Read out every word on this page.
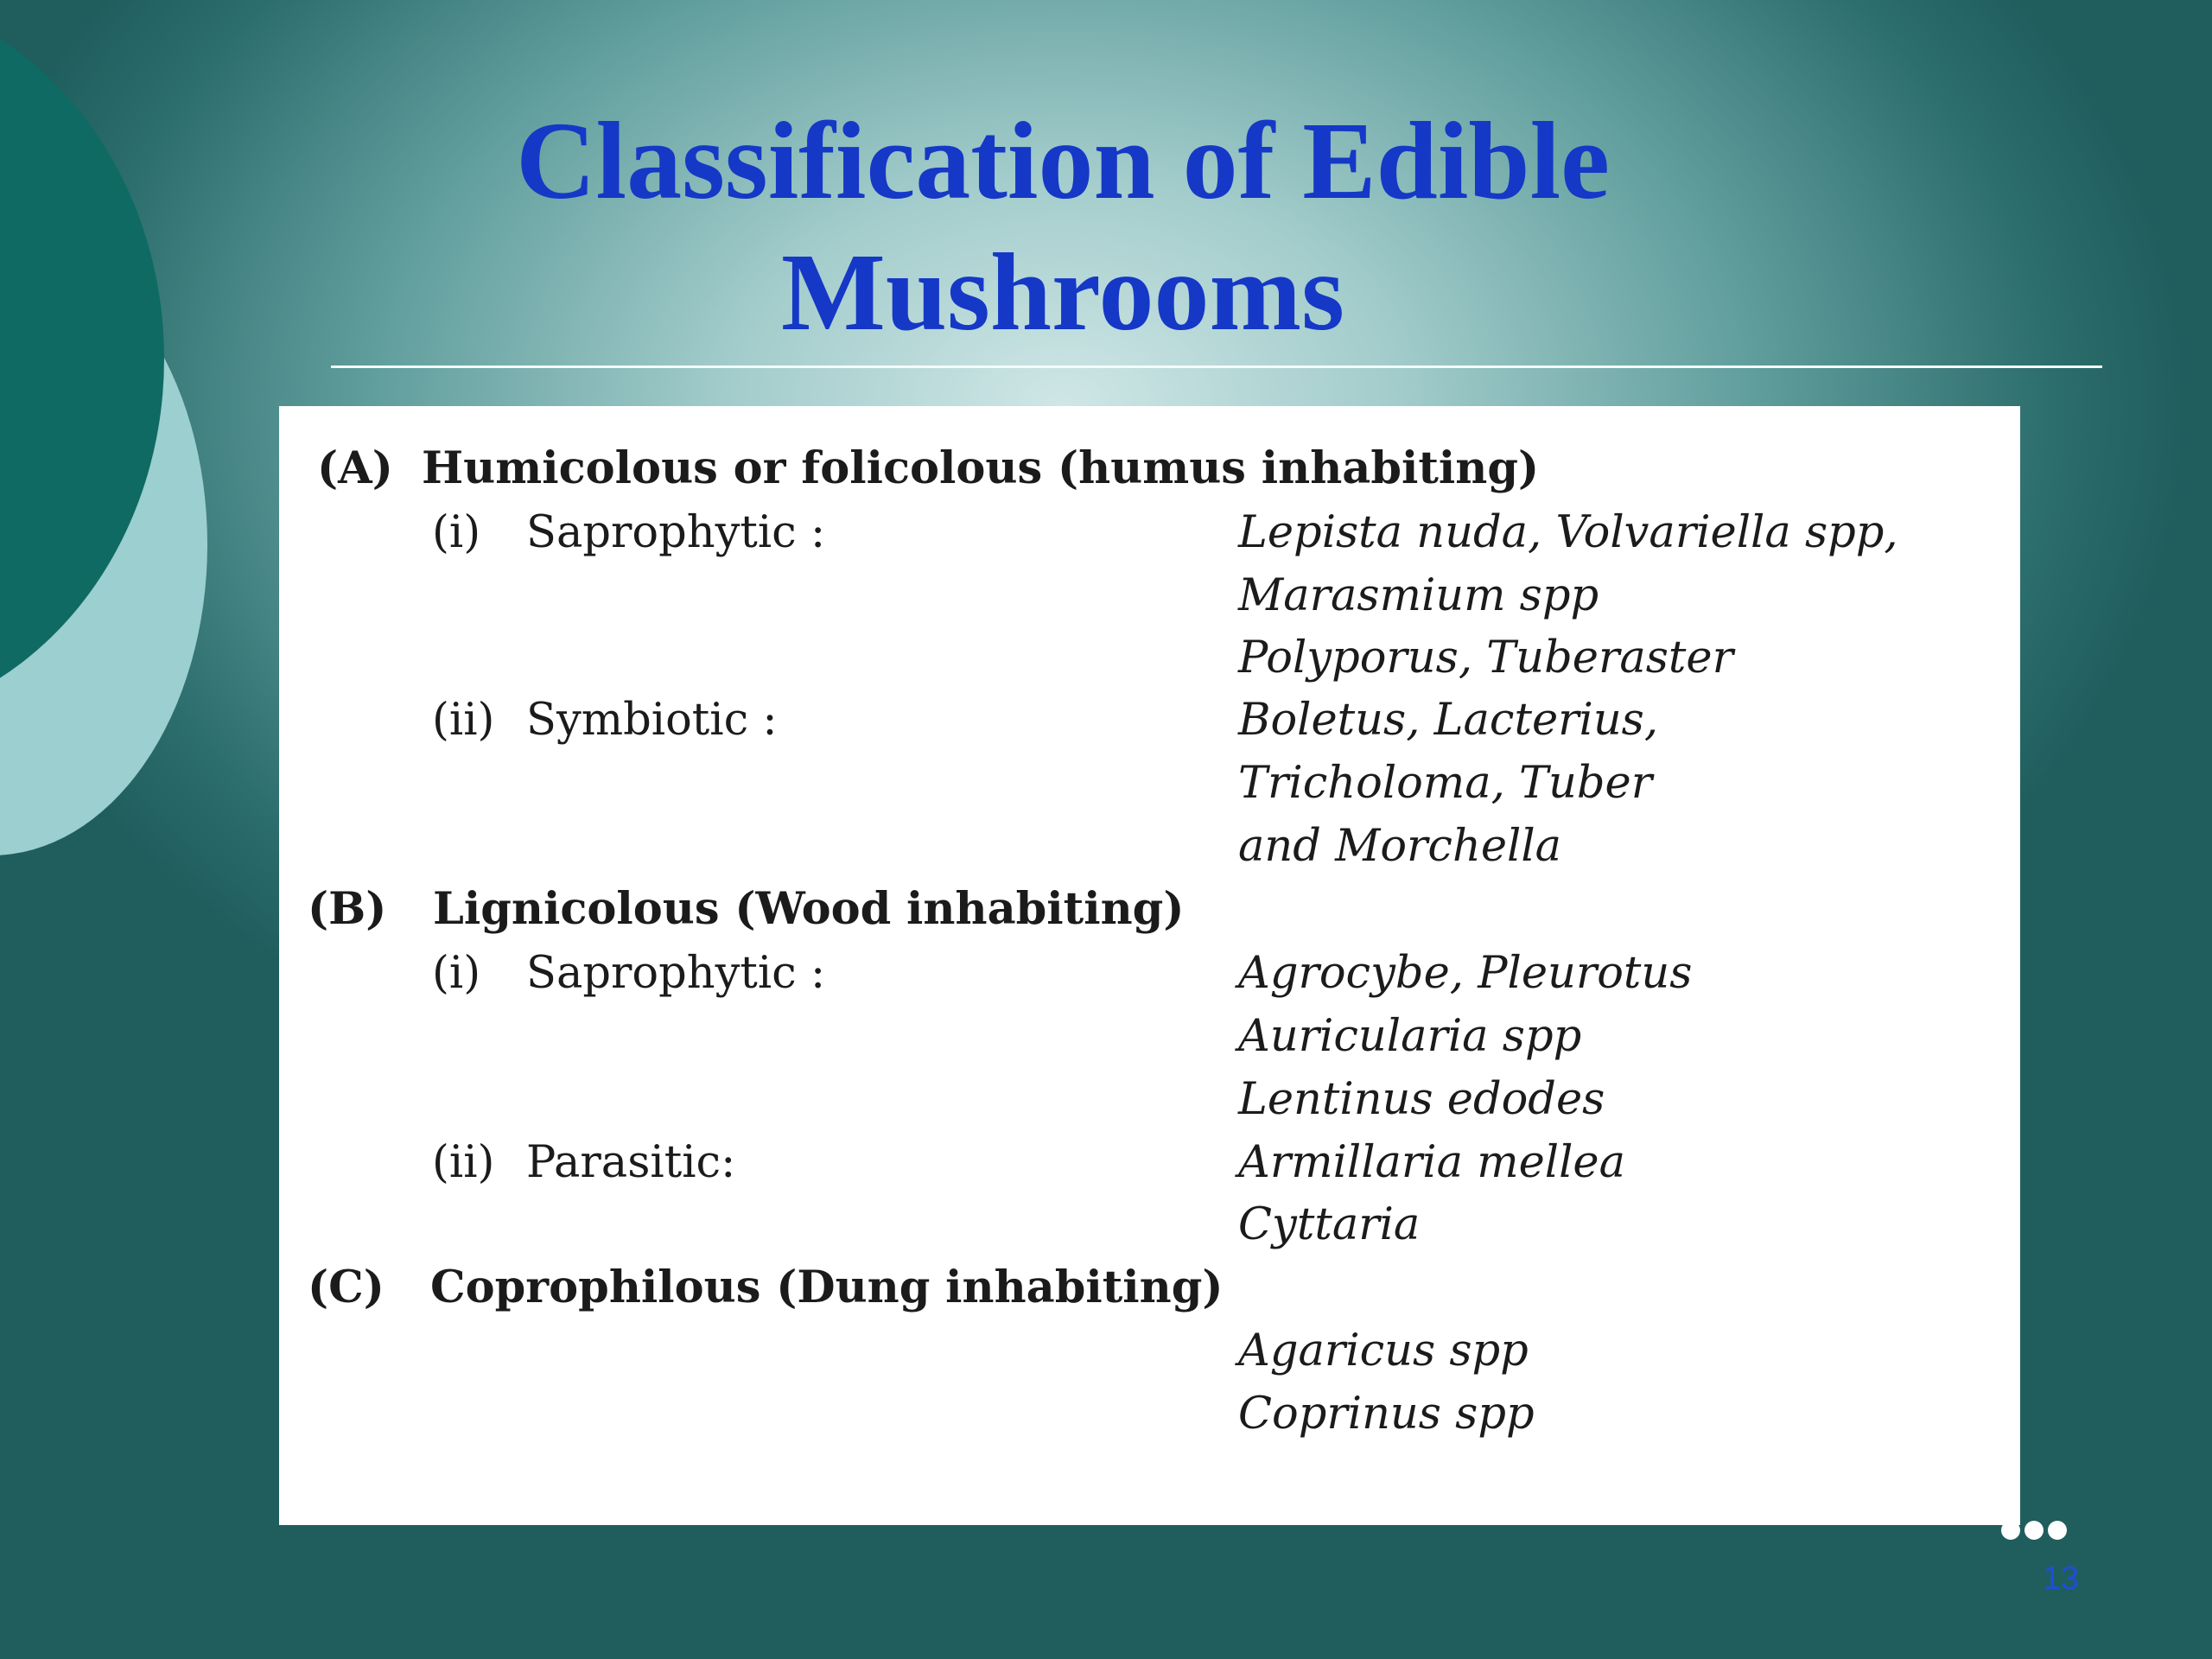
Classification of Edible
Mushrooms
(A) Humicolous or folicolous (humus inhabiting)
(i) Saprophytic :	Lepista nuda, Volvariella spp,
Marasmium spp
Polyporus, Tuberaster
(ii) Symbiotic :	Boletus, Lacterius,
Tricholoma, Tuber
and Morchella
(B) Lignicolous (Wood inhabiting)
(i) Saprophytic :	Agrocybe, Pleurotus
Auricularia spp
Lentinus edodes
(ii) Parasitic:	Armillaria mellea
Cyttaria
(C) Coprophilous (Dung inhabiting)
Agaricus spp
Coprinus spp
13
